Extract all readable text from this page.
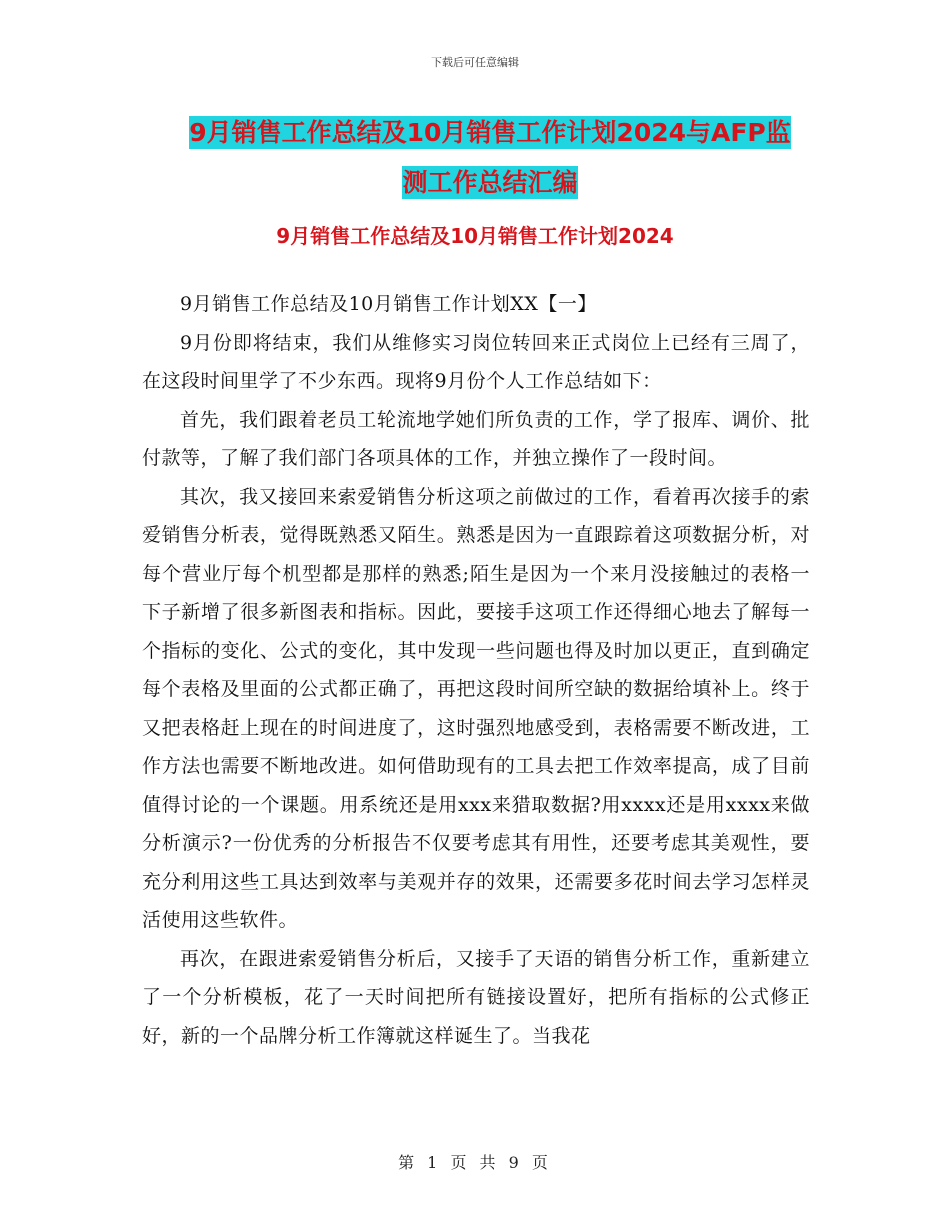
下载后可任意编辑
9月销售工作总结及10月销售工作计划2024与AFP监
测工作总结汇编
9月销售工作总结及10月销售工作计划2024

9月销售工作总结及10月销售工作计划XX【一】

9月份即将结束，我们从维修实习岗位转回来正式岗位上已经有三周了，在这段时间里学了不少东西。现将9月份个人工作总结如下：

首先，我们跟着老员工轮流地学她们所负责的工作，学了报库、调价、批付款等，了解了我们部门各项具体的工作，并独立操作了一段时间。

其次，我又接回来索爱销售分析这项之前做过的工作，看着再次接手的索爱销售分析表，觉得既熟悉又陌生。熟悉是因为一直跟踪着这项数据分析，对每个营业厅每个机型都是那样的熟悉;陌生是因为一个来月没接触过的表格一下子新增了很多新图表和指标。因此，要接手这项工作还得细心地去了解每一个指标的变化、公式的变化，其中发现一些问题也得及时加以更正，直到确定每个表格及里面的公式都正确了，再把这段时间所空缺的数据给填补上。终于又把表格赶上现在的时间进度了，这时强烈地感受到，表格需要不断改进，工作方法也需要不断地改进。如何借助现有的工具去把工作效率提高，成了目前值得讨论的一个课题。用系统还是用xxx来猎取数据?用xxxx还是用xxxx来做分析演示?一份优秀的分析报告不仅要考虑其有用性，还要考虑其美观性，要充分利用这些工具达到效率与美观并存的效果，还需要多花时间去学习怎样灵活使用这些软件。

再次，在跟进索爱销售分析后，又接手了天语的销售分析工作，重新建立了一个分析模板，花了一天时间把所有链接设置好，把所有指标的公式修正好，新的一个品牌分析工作簿就这样诞生了。当我花

第 1 页 共 9 页
